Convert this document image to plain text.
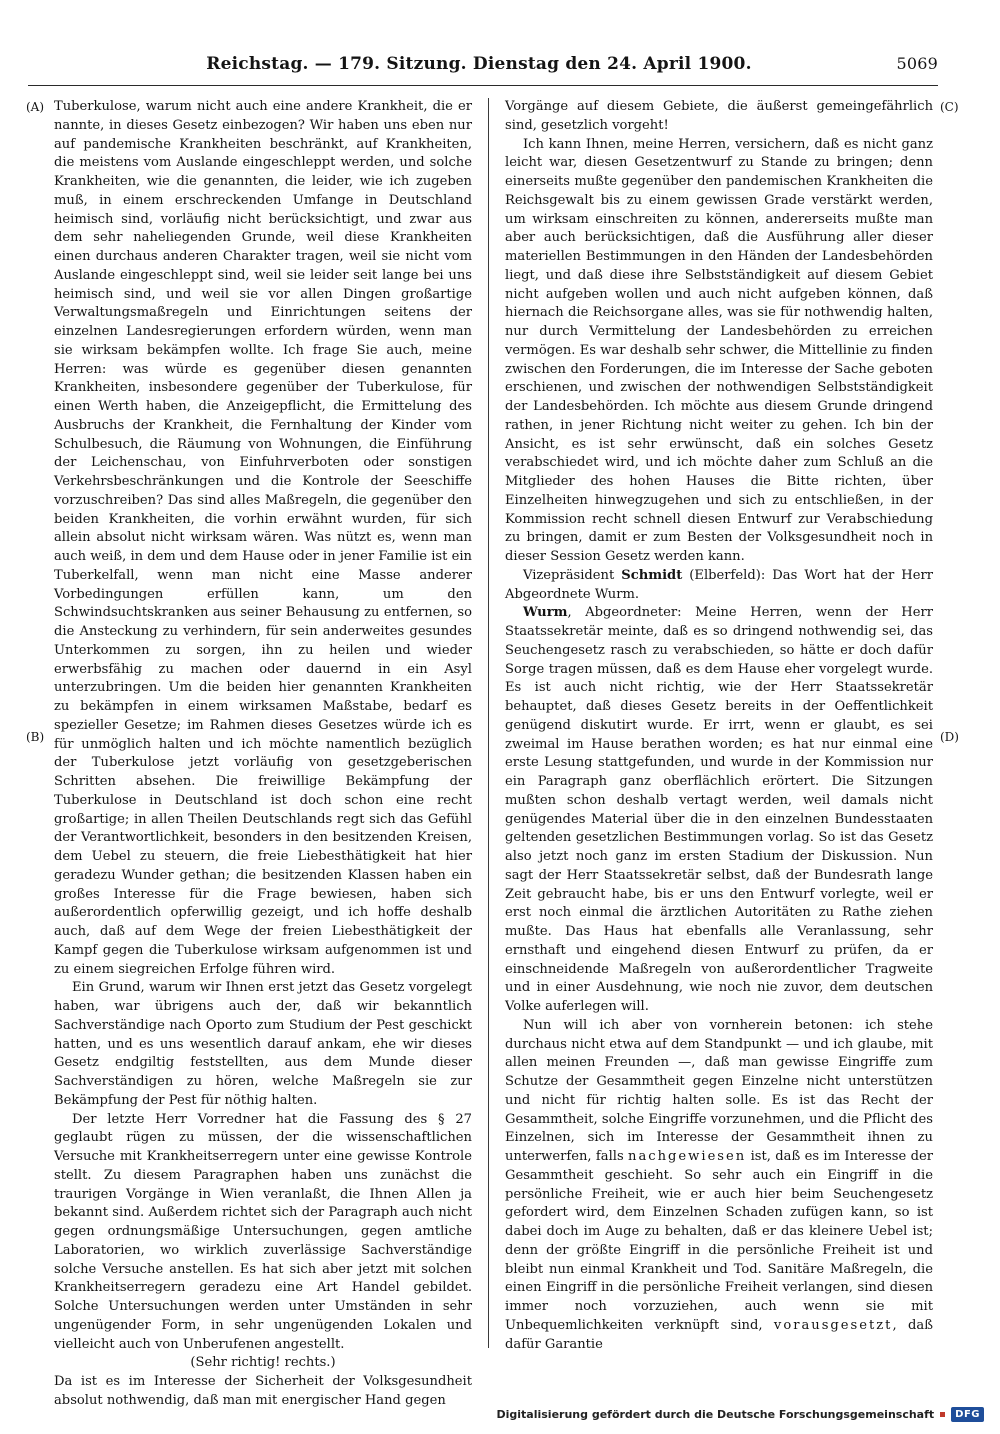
Reichstag. — 179. Sitzung. Dienstag den 24. April 1900.	5069
(A)
(B)
(C)
(D)

Tuberkulose, warum nicht auch eine andere Krankheit, die er nannte, in dieses Gesetz einbezogen? Wir haben uns eben nur auf pandemische Krankheiten beschränkt, auf Krankheiten, die meistens vom Auslande eingeschleppt werden, und solche Krankheiten, wie die genannten, die leider, wie ich zugeben muß, in einem erschreckenden Umfange in Deutschland heimisch sind, vorläufig nicht berücksichtigt, und zwar aus dem sehr naheliegenden Grunde, weil diese Krankheiten einen durchaus anderen Charakter tragen, weil sie nicht vom Auslande eingeschleppt sind, weil sie leider seit lange bei uns heimisch sind, und weil sie vor allen Dingen großartige Verwaltungsmaßregeln und Einrichtungen seitens der einzelnen Landesregierungen erfordern würden, wenn man sie wirksam bekämpfen wollte. Ich frage Sie auch, meine Herren: was würde es gegenüber diesen genannten Krankheiten, insbesondere gegenüber der Tuberkulose, für einen Werth haben, die Anzeigepflicht, die Ermittelung des Ausbruchs der Krankheit, die Fernhaltung der Kinder vom Schulbesuch, die Räumung von Wohnungen, die Einführung der Leichenschau, von Einfuhrverboten oder sonstigen Verkehrsbeschränkungen und die Kontrole der Seeschiffe vorzuschreiben? Das sind alles Maßregeln, die gegenüber den beiden Krankheiten, die vorhin erwähnt wurden, für sich allein absolut nicht wirksam wären. Was nützt es, wenn man auch weiß, in dem und dem Hause oder in jener Familie ist ein Tuberkelfall, wenn man nicht eine Masse anderer Vorbedingungen erfüllen kann, um den Schwindsuchtskranken aus seiner Behausung zu entfernen, so die Ansteckung zu verhindern, für sein anderweites gesundes Unterkommen zu sorgen, ihn zu heilen und wieder erwerbsfähig zu machen oder dauernd in ein Asyl unterzubringen. Um die beiden hier genannten Krankheiten zu bekämpfen in einem wirksamen Maßstabe, bedarf es spezieller Gesetze; im Rahmen dieses Gesetzes würde ich es für unmöglich halten und ich möchte namentlich bezüglich der Tuberkulose jetzt vorläufig von gesetzgeberischen Schritten absehen. Die freiwillige Bekämpfung der Tuberkulose in Deutschland ist doch schon eine recht großartige; in allen Theilen Deutschlands regt sich das Gefühl der Verantwortlichkeit, besonders in den besitzenden Kreisen, dem Uebel zu steuern, die freie Liebesthätigkeit hat hier geradezu Wunder gethan; die besitzenden Klassen haben ein großes Interesse für die Frage bewiesen, haben sich außerordentlich opferwillig gezeigt, und ich hoffe deshalb auch, daß auf dem Wege der freien Liebesthätigkeit der Kampf gegen die Tuberkulose wirksam aufgenommen ist und zu einem siegreichen Erfolge führen wird.

Ein Grund, warum wir Ihnen erst jetzt das Gesetz vorgelegt haben, war übrigens auch der, daß wir bekanntlich Sachverständige nach Oporto zum Studium der Pest geschickt hatten, und es uns wesentlich darauf ankam, ehe wir dieses Gesetz endgiltig feststellten, aus dem Munde dieser Sachverständigen zu hören, welche Maßregeln sie zur Bekämpfung der Pest für nöthig halten.

Der letzte Herr Vorredner hat die Fassung des § 27 geglaubt rügen zu müssen, der die wissenschaftlichen Versuche mit Krankheitserregern unter eine gewisse Kontrole stellt. Zu diesem Paragraphen haben uns zunächst die traurigen Vorgänge in Wien veranlaßt, die Ihnen Allen ja bekannt sind. Außerdem richtet sich der Paragraph auch nicht gegen ordnungsmäßige Untersuchungen, gegen amtliche Laboratorien, wo wirklich zuverlässige Sachverständige solche Versuche anstellen. Es hat sich aber jetzt mit solchen Krankheitserregern geradezu eine Art Handel gebildet. Solche Untersuchungen werden unter Umständen in sehr ungenügender Form, in sehr ungenügenden Lokalen und vielleicht auch von Unberufenen angestellt.

(Sehr richtig! rechts.)

Da ist es im Interesse der Sicherheit der Volksgesundheit absolut nothwendig, daß man mit energischer Hand gegen

Vorgänge auf diesem Gebiete, die äußerst gemeingefährlich sind, gesetzlich vorgeht!

Ich kann Ihnen, meine Herren, versichern, daß es nicht ganz leicht war, diesen Gesetzentwurf zu Stande zu bringen; denn einerseits mußte gegenüber den pandemischen Krankheiten die Reichsgewalt bis zu einem gewissen Grade verstärkt werden, um wirksam einschreiten zu können, andererseits mußte man aber auch berücksichtigen, daß die Ausführung aller dieser materiellen Bestimmungen in den Händen der Landesbehörden liegt, und daß diese ihre Selbstständigkeit auf diesem Gebiet nicht aufgeben wollen und auch nicht aufgeben können, daß hiernach die Reichsorgane alles, was sie für nothwendig halten, nur durch Vermittelung der Landesbehörden zu erreichen vermögen. Es war deshalb sehr schwer, die Mittellinie zu finden zwischen den Forderungen, die im Interesse der Sache geboten erschienen, und zwischen der nothwendigen Selbstständigkeit der Landesbehörden. Ich möchte aus diesem Grunde dringend rathen, in jener Richtung nicht weiter zu gehen. Ich bin der Ansicht, es ist sehr erwünscht, daß ein solches Gesetz verabschiedet wird, und ich möchte daher zum Schluß an die Mitglieder des hohen Hauses die Bitte richten, über Einzelheiten hinwegzugehen und sich zu entschließen, in der Kommission recht schnell diesen Entwurf zur Verabschiedung zu bringen, damit er zum Besten der Volksgesundheit noch in dieser Session Gesetz werden kann.

Vizepräsident Schmidt (Elberfeld): Das Wort hat der Herr Abgeordnete Wurm.

Wurm, Abgeordneter: Meine Herren, wenn der Herr Staatssekretär meinte, daß es so dringend nothwendig sei, das Seuchengesetz rasch zu verabschieden, so hätte er doch dafür Sorge tragen müssen, daß es dem Hause eher vorgelegt wurde. Es ist auch nicht richtig, wie der Herr Staatssekretär behauptet, daß dieses Gesetz bereits in der Oeffentlichkeit genügend diskutirt wurde. Er irrt, wenn er glaubt, es sei zweimal im Hause berathen worden; es hat nur einmal eine erste Lesung stattgefunden, und wurde in der Kommission nur ein Paragraph ganz oberflächlich erörtert. Die Sitzungen mußten schon deshalb vertagt werden, weil damals nicht genügendes Material über die in den einzelnen Bundesstaaten geltenden gesetzlichen Bestimmungen vorlag. So ist das Gesetz also jetzt noch ganz im ersten Stadium der Diskussion. Nun sagt der Herr Staatssekretär selbst, daß der Bundesrath lange Zeit gebraucht habe, bis er uns den Entwurf vorlegte, weil er erst noch einmal die ärztlichen Autoritäten zu Rathe ziehen mußte. Das Haus hat ebenfalls alle Veranlassung, sehr ernsthaft und eingehend diesen Entwurf zu prüfen, da er einschneidende Maßregeln von außerordentlicher Tragweite und in einer Ausdehnung, wie noch nie zuvor, dem deutschen Volke auferlegen will.

Nun will ich aber von vornherein betonen: ich stehe durchaus nicht etwa auf dem Standpunkt — und ich glaube, mit allen meinen Freunden —, daß man gewisse Eingriffe zum Schutze der Gesammtheit gegen Einzelne nicht unterstützen und nicht für richtig halten solle. Es ist das Recht der Gesammtheit, solche Eingriffe vorzunehmen, und die Pflicht des Einzelnen, sich im Interesse der Gesammtheit ihnen zu unterwerfen, falls nachgewiesen ist, daß es im Interesse der Gesammtheit geschieht. So sehr auch ein Eingriff in die persönliche Freiheit, wie er auch hier beim Seuchengesetz gefordert wird, dem Einzelnen Schaden zufügen kann, so ist dabei doch im Auge zu behalten, daß er das kleinere Uebel ist; denn der größte Eingriff in die persönliche Freiheit ist und bleibt nun einmal Krankheit und Tod. Sanitäre Maßregeln, die einen Eingriff in die persönliche Freiheit verlangen, sind diesen immer noch vorzuziehen, auch wenn sie mit Unbequemlichkeiten verknüpft sind, vorausgesetzt, daß dafür Garantie

Digitalisierung gefördert durch die Deutsche Forschungsgemeinschaft	DFG
